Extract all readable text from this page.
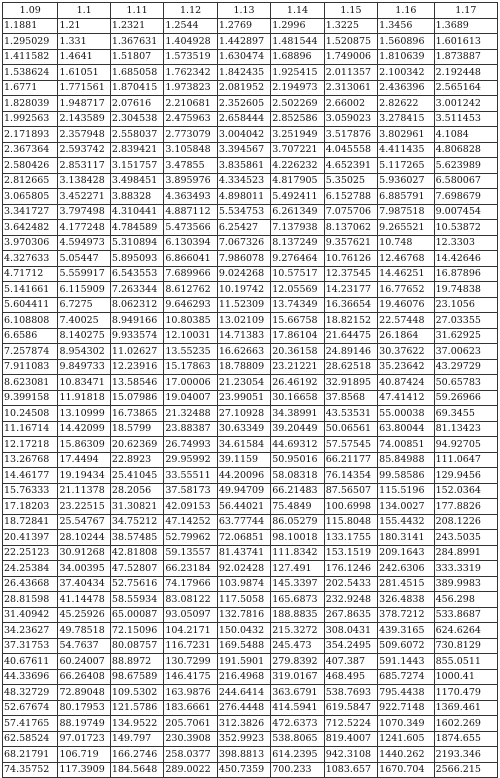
1.09	1.1	1.11	1.12	1.13	1.14	1.15	1.16	1.17
1.1881	1.21	1.2321	1.2544	1.2769	1.2996	1.3225	1.3456	1.3689
1.295029	1.331	1.367631	1.404928	1.442897	1.481544	1.520875	1.560896	1.601613
1.411582	1.4641	1.51807	1.573519	1.630474	1.68896	1.749006	1.810639	1.873887
1.538624	1.61051	1.685058	1.762342	1.842435	1.925415	2.011357	2.100342	2.192448
1.6771	1.771561	1.870415	1.973823	2.081952	2.194973	2.313061	2.436396	2.565164
1.828039	1.948717	2.07616	2.210681	2.352605	2.502269	2.66002	2.82622	3.001242
1.992563	2.143589	2.304538	2.475963	2.658444	2.852586	3.059023	3.278415	3.511453
2.171893	2.357948	2.558037	2.773079	3.004042	3.251949	3.517876	3.802961	4.1084
2.367364	2.593742	2.839421	3.105848	3.394567	3.707221	4.045558	4.411435	4.806828
2.580426	2.853117	3.151757	3.47855	3.835861	4.226232	4.652391	5.117265	5.623989
2.812665	3.138428	3.498451	3.895976	4.334523	4.817905	5.35025	5.936027	6.580067
3.065805	3.452271	3.88328	4.363493	4.898011	5.492411	6.152788	6.885791	7.698679
3.341727	3.797498	4.310441	4.887112	5.534753	6.261349	7.075706	7.987518	9.007454
3.642482	4.177248	4.784589	5.473566	6.25427	7.137938	8.137062	9.265521	10.53872
3.970306	4.594973	5.310894	6.130394	7.067326	8.137249	9.357621	10.748	12.3303
4.327633	5.05447	5.895093	6.866041	7.986078	9.276464	10.76126	12.46768	14.42646
4.71712	5.559917	6.543553	7.689966	9.024268	10.57517	12.37545	14.46251	16.87896
5.141661	6.115909	7.263344	8.612762	10.19742	12.05569	14.23177	16.77652	19.74838
5.604411	6.7275	8.062312	9.646293	11.52309	13.74349	16.36654	19.46076	23.1056
6.108808	7.40025	8.949166	10.80385	13.02109	15.66758	18.82152	22.57448	27.03355
6.6586	8.140275	9.933574	12.10031	14.71383	17.86104	21.64475	26.1864	31.62925
7.257874	8.954302	11.02627	13.55235	16.62663	20.36158	24.89146	30.37622	37.00623
7.911083	9.849733	12.23916	15.17863	18.78809	23.21221	28.62518	35.23642	43.29729
8.623081	10.83471	13.58546	17.00006	21.23054	26.46192	32.91895	40.87424	50.65783
9.399158	11.91818	15.07986	19.04007	23.99051	30.16658	37.8568	47.41412	59.26966
10.24508	13.10999	16.73865	21.32488	27.10928	34.38991	43.53531	55.00038	69.3455
11.16714	14.42099	18.5799	23.88387	30.63349	39.20449	50.06561	63.80044	81.13423
12.17218	15.86309	20.62369	26.74993	34.61584	44.69312	57.57545	74.00851	94.92705
13.26768	17.4494	22.8923	29.95992	39.1159	50.95016	66.21177	85.84988	111.0647
14.46177	19.19434	25.41045	33.55511	44.20096	58.08318	76.14354	99.58586	129.9456
15.76333	21.11378	28.2056	37.58173	49.94709	66.21483	87.56507	115.5196	152.0364
17.18203	23.22515	31.30821	42.09153	56.44021	75.4849	100.6998	134.0027	177.8826
18.72841	25.54767	34.75212	47.14252	63.77744	86.05279	115.8048	155.4432	208.1226
20.41397	28.10244	38.57485	52.79962	72.06851	98.10018	133.1755	180.3141	243.5035
22.25123	30.91268	42.81808	59.13557	81.43741	111.8342	153.1519	209.1643	284.8991
24.25384	34.00395	47.52807	66.23184	92.02428	127.491	176.1246	242.6306	333.3319
26.43668	37.40434	52.75616	74.17966	103.9874	145.3397	202.5433	281.4515	389.9983
28.81598	41.14478	58.55934	83.08122	117.5058	165.6873	232.9248	326.4838	456.298
31.40942	45.25926	65.00087	93.05097	132.7816	188.8835	267.8635	378.7212	533.8687
34.23627	49.78518	72.15096	104.2171	150.0432	215.3272	308.0431	439.3165	624.6264
37.31753	54.7637	80.08757	116.7231	169.5488	245.473	354.2495	509.6072	730.8129
40.67611	60.24007	88.8972	130.7299	191.5901	279.8392	407.387	591.1443	855.0511
44.33696	66.26408	98.67589	146.4175	216.4968	319.0167	468.495	685.7274	1000.41
48.32729	72.89048	109.5302	163.9876	244.6414	363.6791	538.7693	795.4438	1170.479
52.67674	80.17953	121.5786	183.6661	276.4448	414.5941	619.5847	922.7148	1369.461
57.41765	88.19749	134.9522	205.7061	312.3826	472.6373	712.5224	1070.349	1602.269
62.58524	97.01723	149.797	230.3908	352.9923	538.8065	819.4007	1241.605	1874.655
68.21791	106.719	166.2746	258.0377	398.8813	614.2395	942.3108	1440.262	2193.346
74.35752	117.3909	184.5648	289.0022	450.7359	700.233	1083.657	1670.704	2566.215
